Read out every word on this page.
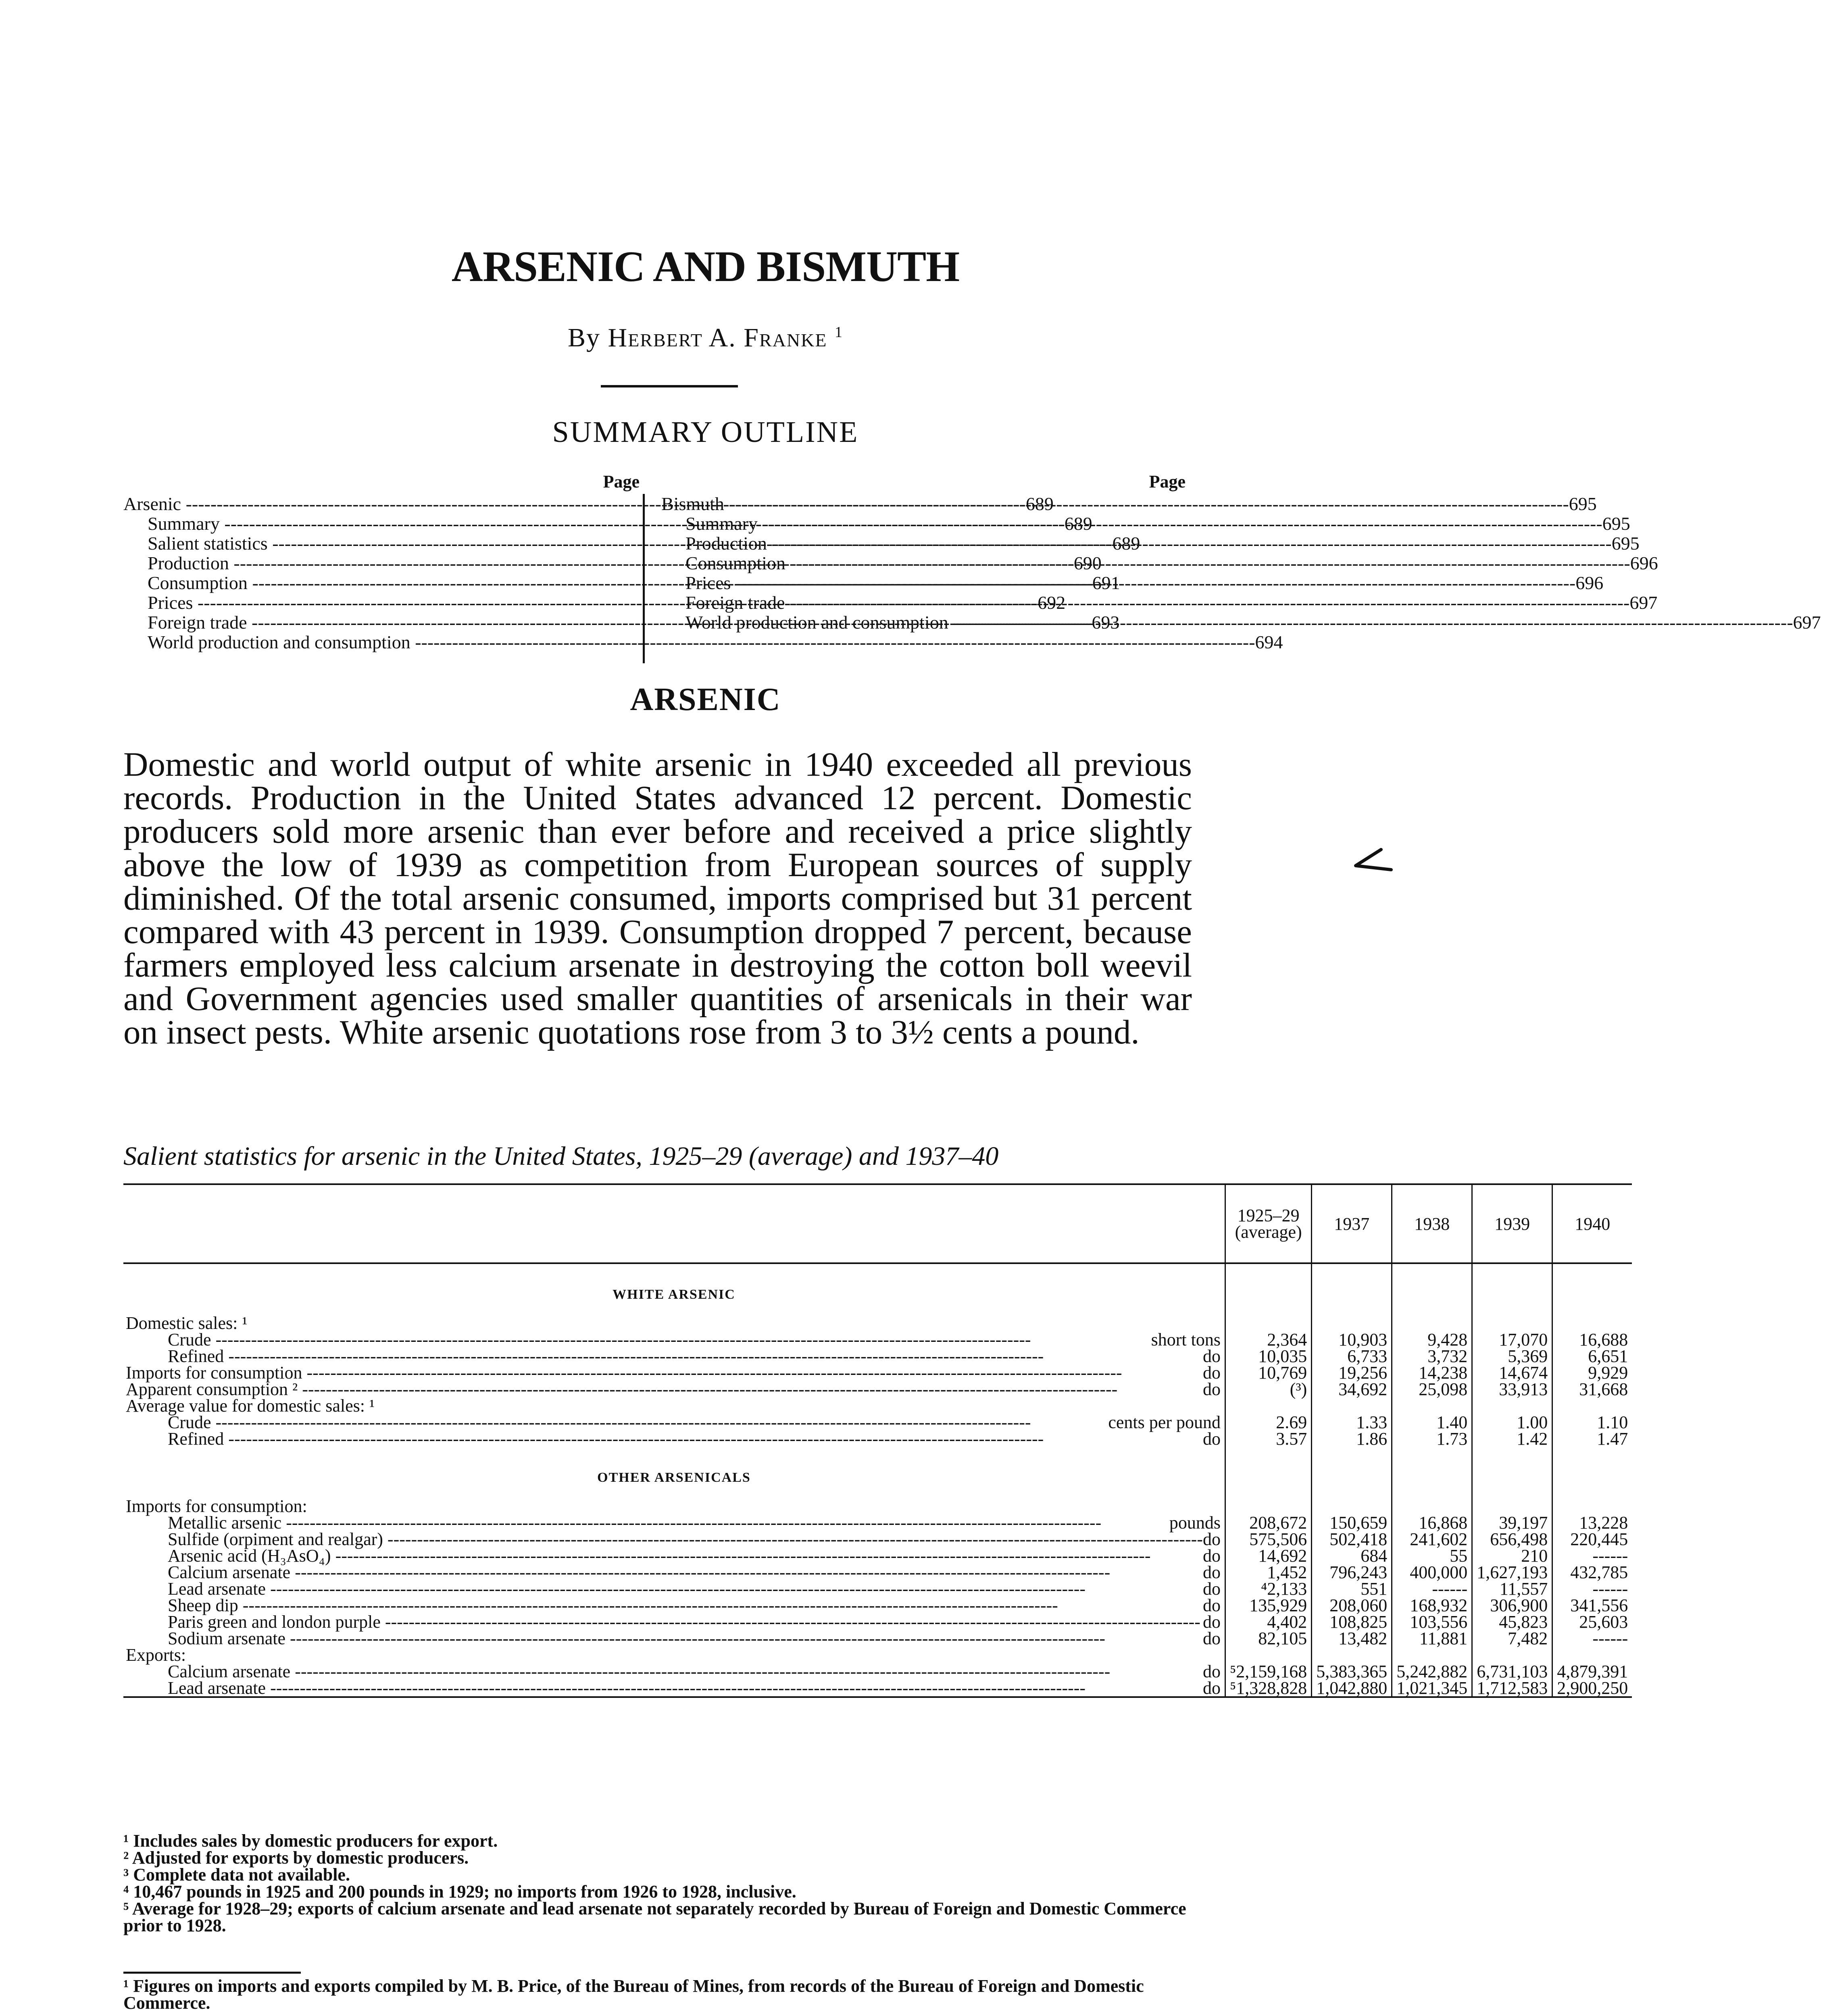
ARSENIC AND BISMUTH
By Herbert A. Franke $^1$
SUMMARY OUTLINE
Page
Arsenic -----	689
Summary -----	689
Salient statistics -----	689
Production -----	690
Consumption -----	691
Prices -----	692
Foreign trade -----	693
World production and consumption -----	694
Page
Bismuth -----	695
Summary -----	695
Production -----	695
Consumption -----	696
Prices -----	696
Foreign trade -----	697
World production and consumption -----	697
ARSENIC
Domestic and world output of white arsenic in 1940 exceeded all previous records. Production in the United States advanced 12 percent. Domestic producers sold more arsenic than ever before and received a price slightly above the low of 1939 as competition from European sources of supply diminished. Of the total arsenic consumed, imports comprised but 31 percent compared with 43 percent in 1939. Consumption dropped 7 percent, because farmers employed less calcium arsenate in destroying the cotton boll weevil and Government agencies used smaller quantities of arsenicals in their war on insect pests. White arsenic quotations rose from 3 to 3½ cents a pound.
Salient statistics for arsenic in the United States, 1925–29 (average) and 1937–40
	1925–29 (average)	1937	1938	1939	1940
WHITE ARSENIC					
Domestic sales: ¹					

Crude ----- short tons	2,364	10,903	9,428	17,070	16,688

Refined ----- do	10,035	6,733	3,732	5,369	6,651

Imports for consumption ----- do	10,769	19,256	14,238	14,674	9,929

Apparent consumption ² ----- do	(³)	34,692	25,098	33,913	31,668
Average value for domestic sales: ¹					

Crude ----- cents per pound	2.69	1.33	1.40	1.00	1.10

Refined ----- do	3.57	1.86	1.73	1.42	1.47
OTHER ARSENICALS					
Imports for consumption:					

Metallic arsenic ----- pounds	208,672	150,659	16,868	39,197	13,228

Sulfide (orpiment and realgar) ----- do	575,506	502,418	241,602	656,498	220,445

Arsenic acid (H₃AsO₄) ----- do	14,692	684	55	210	------

Calcium arsenate ----- do	1,452	796,243	400,000	1,627,193	432,785

Lead arsenate ----- do	⁴2,133	551	------	11,557	------

Sheep dip ----- do	135,929	208,060	168,932	306,900	341,556

Paris green and london purple ----- do	4,402	108,825	103,556	45,823	25,603

Sodium arsenate ----- do	82,105	13,482	11,881	7,482	------
Exports:					

Calcium arsenate ----- do	⁵2,159,168	5,383,365	5,242,882	6,731,103	4,879,391

Lead arsenate ----- do	⁵1,328,828	1,042,880	1,021,345	1,712,583	2,900,250
¹ Includes sales by domestic producers for export.
² Adjusted for exports by domestic producers.
³ Complete data not available.
⁴ 10,467 pounds in 1925 and 200 pounds in 1929; no imports from 1926 to 1928, inclusive.
⁵ Average for 1928–29; exports of calcium arsenate and lead arsenate not separately recorded by Bureau of Foreign and Domestic Commerce prior to 1928.
¹ Figures on imports and exports compiled by M. B. Price, of the Bureau of Mines, from records of the Bureau of Foreign and Domestic Commerce.
